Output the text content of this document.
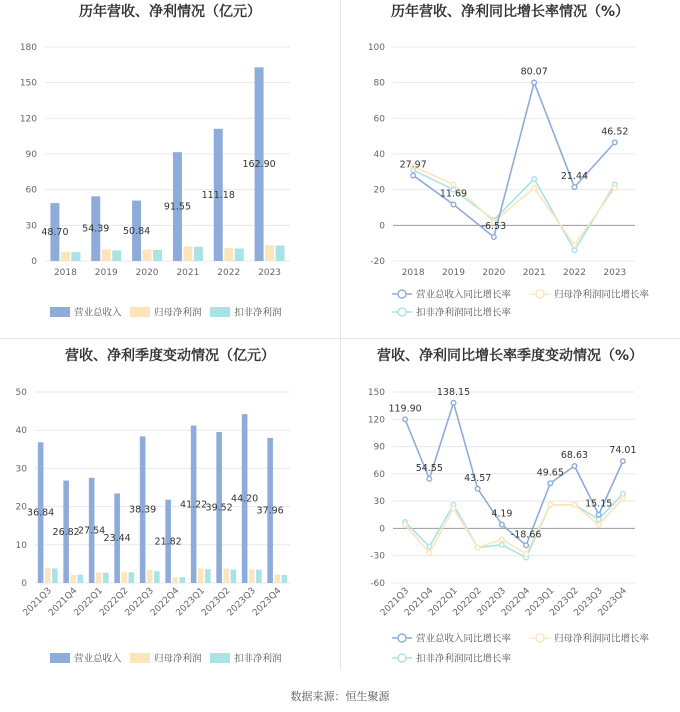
历年营收、净利情况（亿元）
0
30
60
90
120
150
180
2018 2019 2020 2021 2022 2023
48.70 54.39 50.84
91.55
111.18
162.90
营业总收入	归母净利润	扣非净利润
历年营收、净利同比增长率情况（%）
-20
0
20
40
60
80
100
2018 2019 2020 2021 2022 2023
27.97
11.69
-6.53
80.07
21.44
46.52
营业总收入同比增长率	归母净利润同比增长率
扣非净利润同比增长率
营收、净利季度变动情况（亿元）
0
10
20
30
40
50
2021Q3
2021Q4
2022Q1
2022Q2
2022Q3
2022Q4
2023Q1
2023Q2
2023Q3
2023Q4
36.84
26.82
27.54
23.44
38.39
21.82
41.22
39.52
44.20
37.96
营业总收入	归母净利润	扣非净利润
营收、净利同比增长率季度变动情况（%）
-60
-30
0
30
60
90
120
150
2021Q3
2021Q4
2022Q1
2022Q2
2022Q3
2022Q4
2023Q1
2023Q2
2023Q3
2023Q4
119.90
54.55
138.15
43.57
4.19
-18.66
49.65
68.63
15.15
74.01
营业总收入同比增长率	归母净利润同比增长率
扣非净利润同比增长率
数据来源：恒生聚源
